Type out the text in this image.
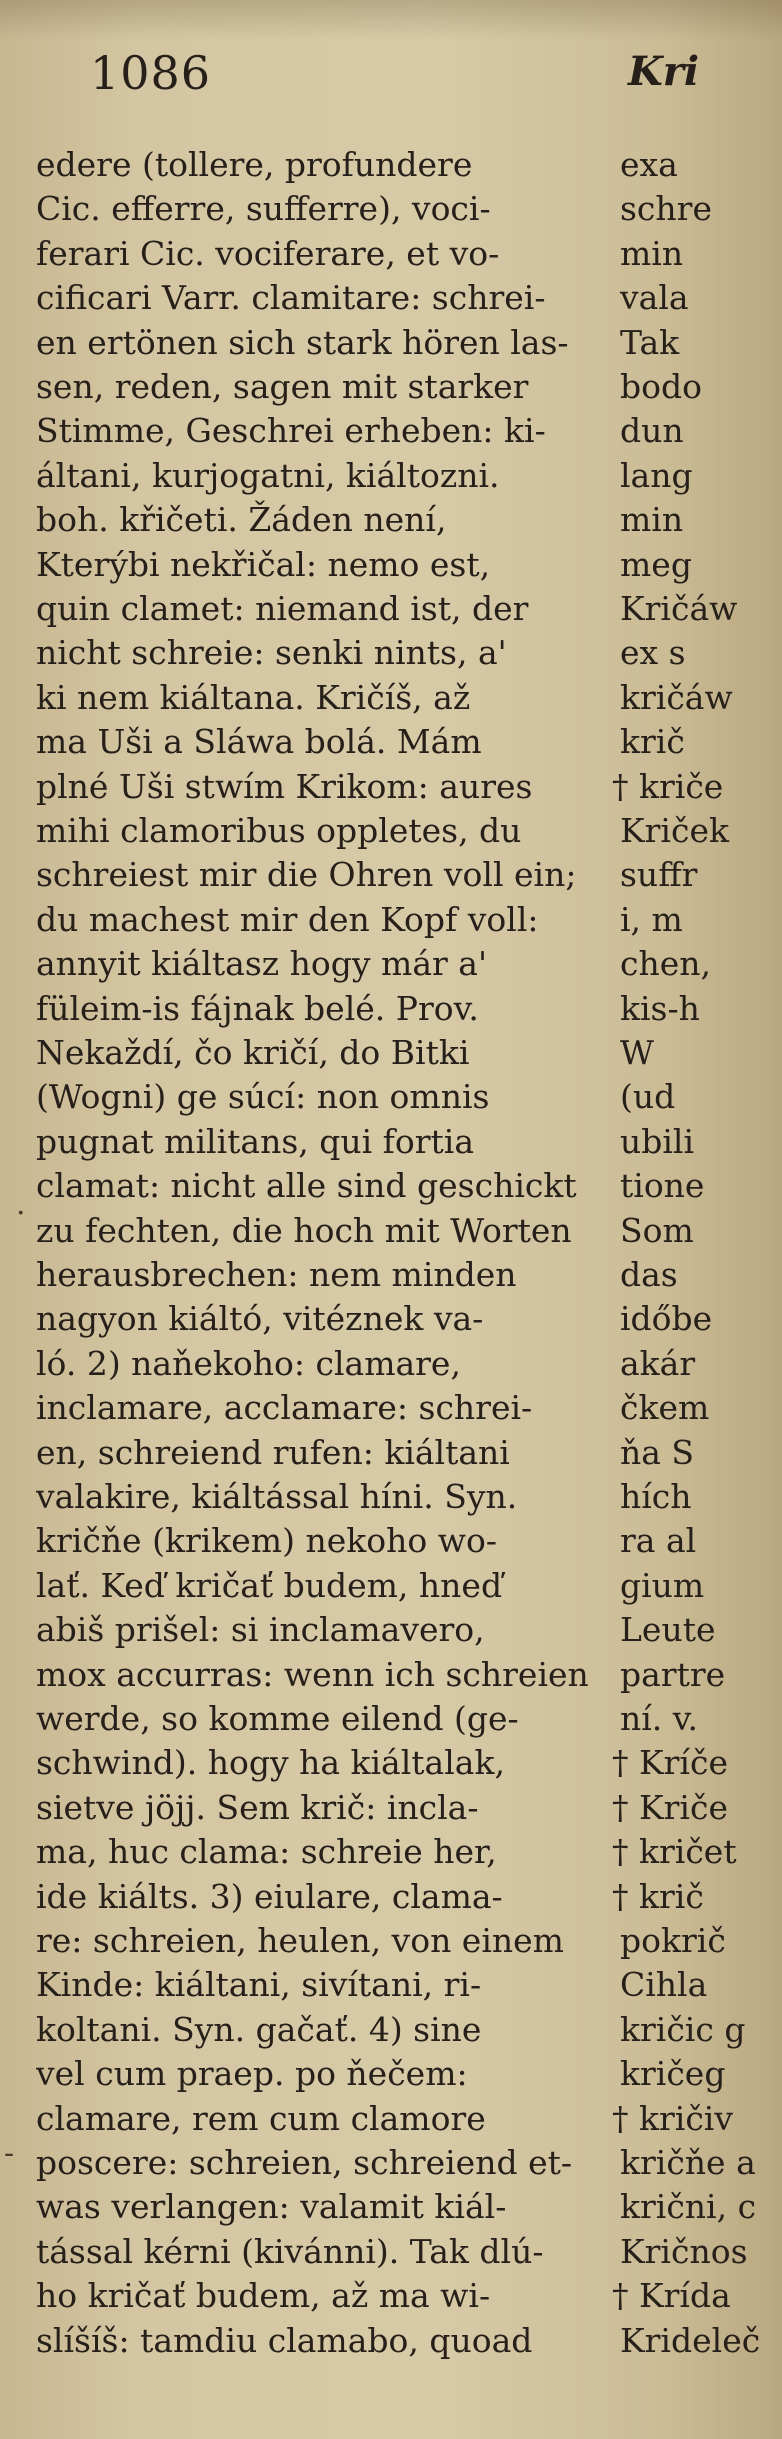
1086	Kri
edere (tollere, profundere
Cic. efferre, sufferre), voci-
ferari Cic. vociferare, et vo-
cificari Varr. clamitare: schrei-
en ertönen sich stark hören las-
sen, reden, sagen mit starker
Stimme, Geschrei erheben: ki-
áltani, kurjogatni, kiáltozni.
boh. křičeti. Žáden není,
Kterýbi nekřičal: nemo est,
quin clamet: niemand ist, der
nicht schreie: senki nints, a'
ki nem kiáltana. Kričíš, až
ma Uši a Sláwa bolá. Mám
plné Uši stwím Krikom: aures
mihi clamoribus oppletes, du
schreiest mir die Ohren voll ein;
du machest mir den Kopf voll:
annyit kiáltasz hogy már a'
füleim-is fájnak belé. Prov.
Nekaždí, čo kričí, do Bitki
(Wogni) ge súcí: non omnis
pugnat militans, qui fortia
clamat: nicht alle sind geschickt
zu fechten, die hoch mit Worten
herausbrechen: nem minden
nagyon kiáltó, vitéznek va-
ló. 2) naňekoho: clamare,
inclamare, acclamare: schrei-
en, schreiend rufen: kiáltani
valakire, kiáltással híni. Syn.
kričňe (krikem) nekoho wo-
lať. Keď kričať budem, hneď
abiš prišel: si inclamavero,
mox accurras: wenn ich schreien
werde, so komme eilend (ge-
schwind). hogy ha kiáltalak,
sietve jöjj. Sem krič: incla-
ma, huc clama: schreie her,
ide kiálts. 3) eiulare, clama-
re: schreien, heulen, von einem
Kinde: kiáltani, sivítani, ri-
koltani. Syn. gačať. 4) sine
vel cum praep. po ňečem:
clamare, rem cum clamore
poscere: schreien, schreiend et-
was verlangen: valamit kiál-
tással kérni (kivánni). Tak dlú-
ho kričať budem, až ma wi-
slíšíš: tamdiu clamabo, quoad
exa
schre
min
vala
Tak
bodo
dun
lang
min
meg
Kričáw
ex s
kričáw
krič
† kriče
Kriček
suffr
i, m
chen,
kis-h
W
(ud
ubili
tione
Som
das
időbe
akár
čkem
ňa S
hích
ra al
gium
Leute
partre
ní. v.
† Kríče
† Kriče
† kričet
† krič
pokrič
Cihla
kričic g
kričeg
† kričiv
kričňe a
krični, c
Kričnos
† Krída
Krideleč
·
-
